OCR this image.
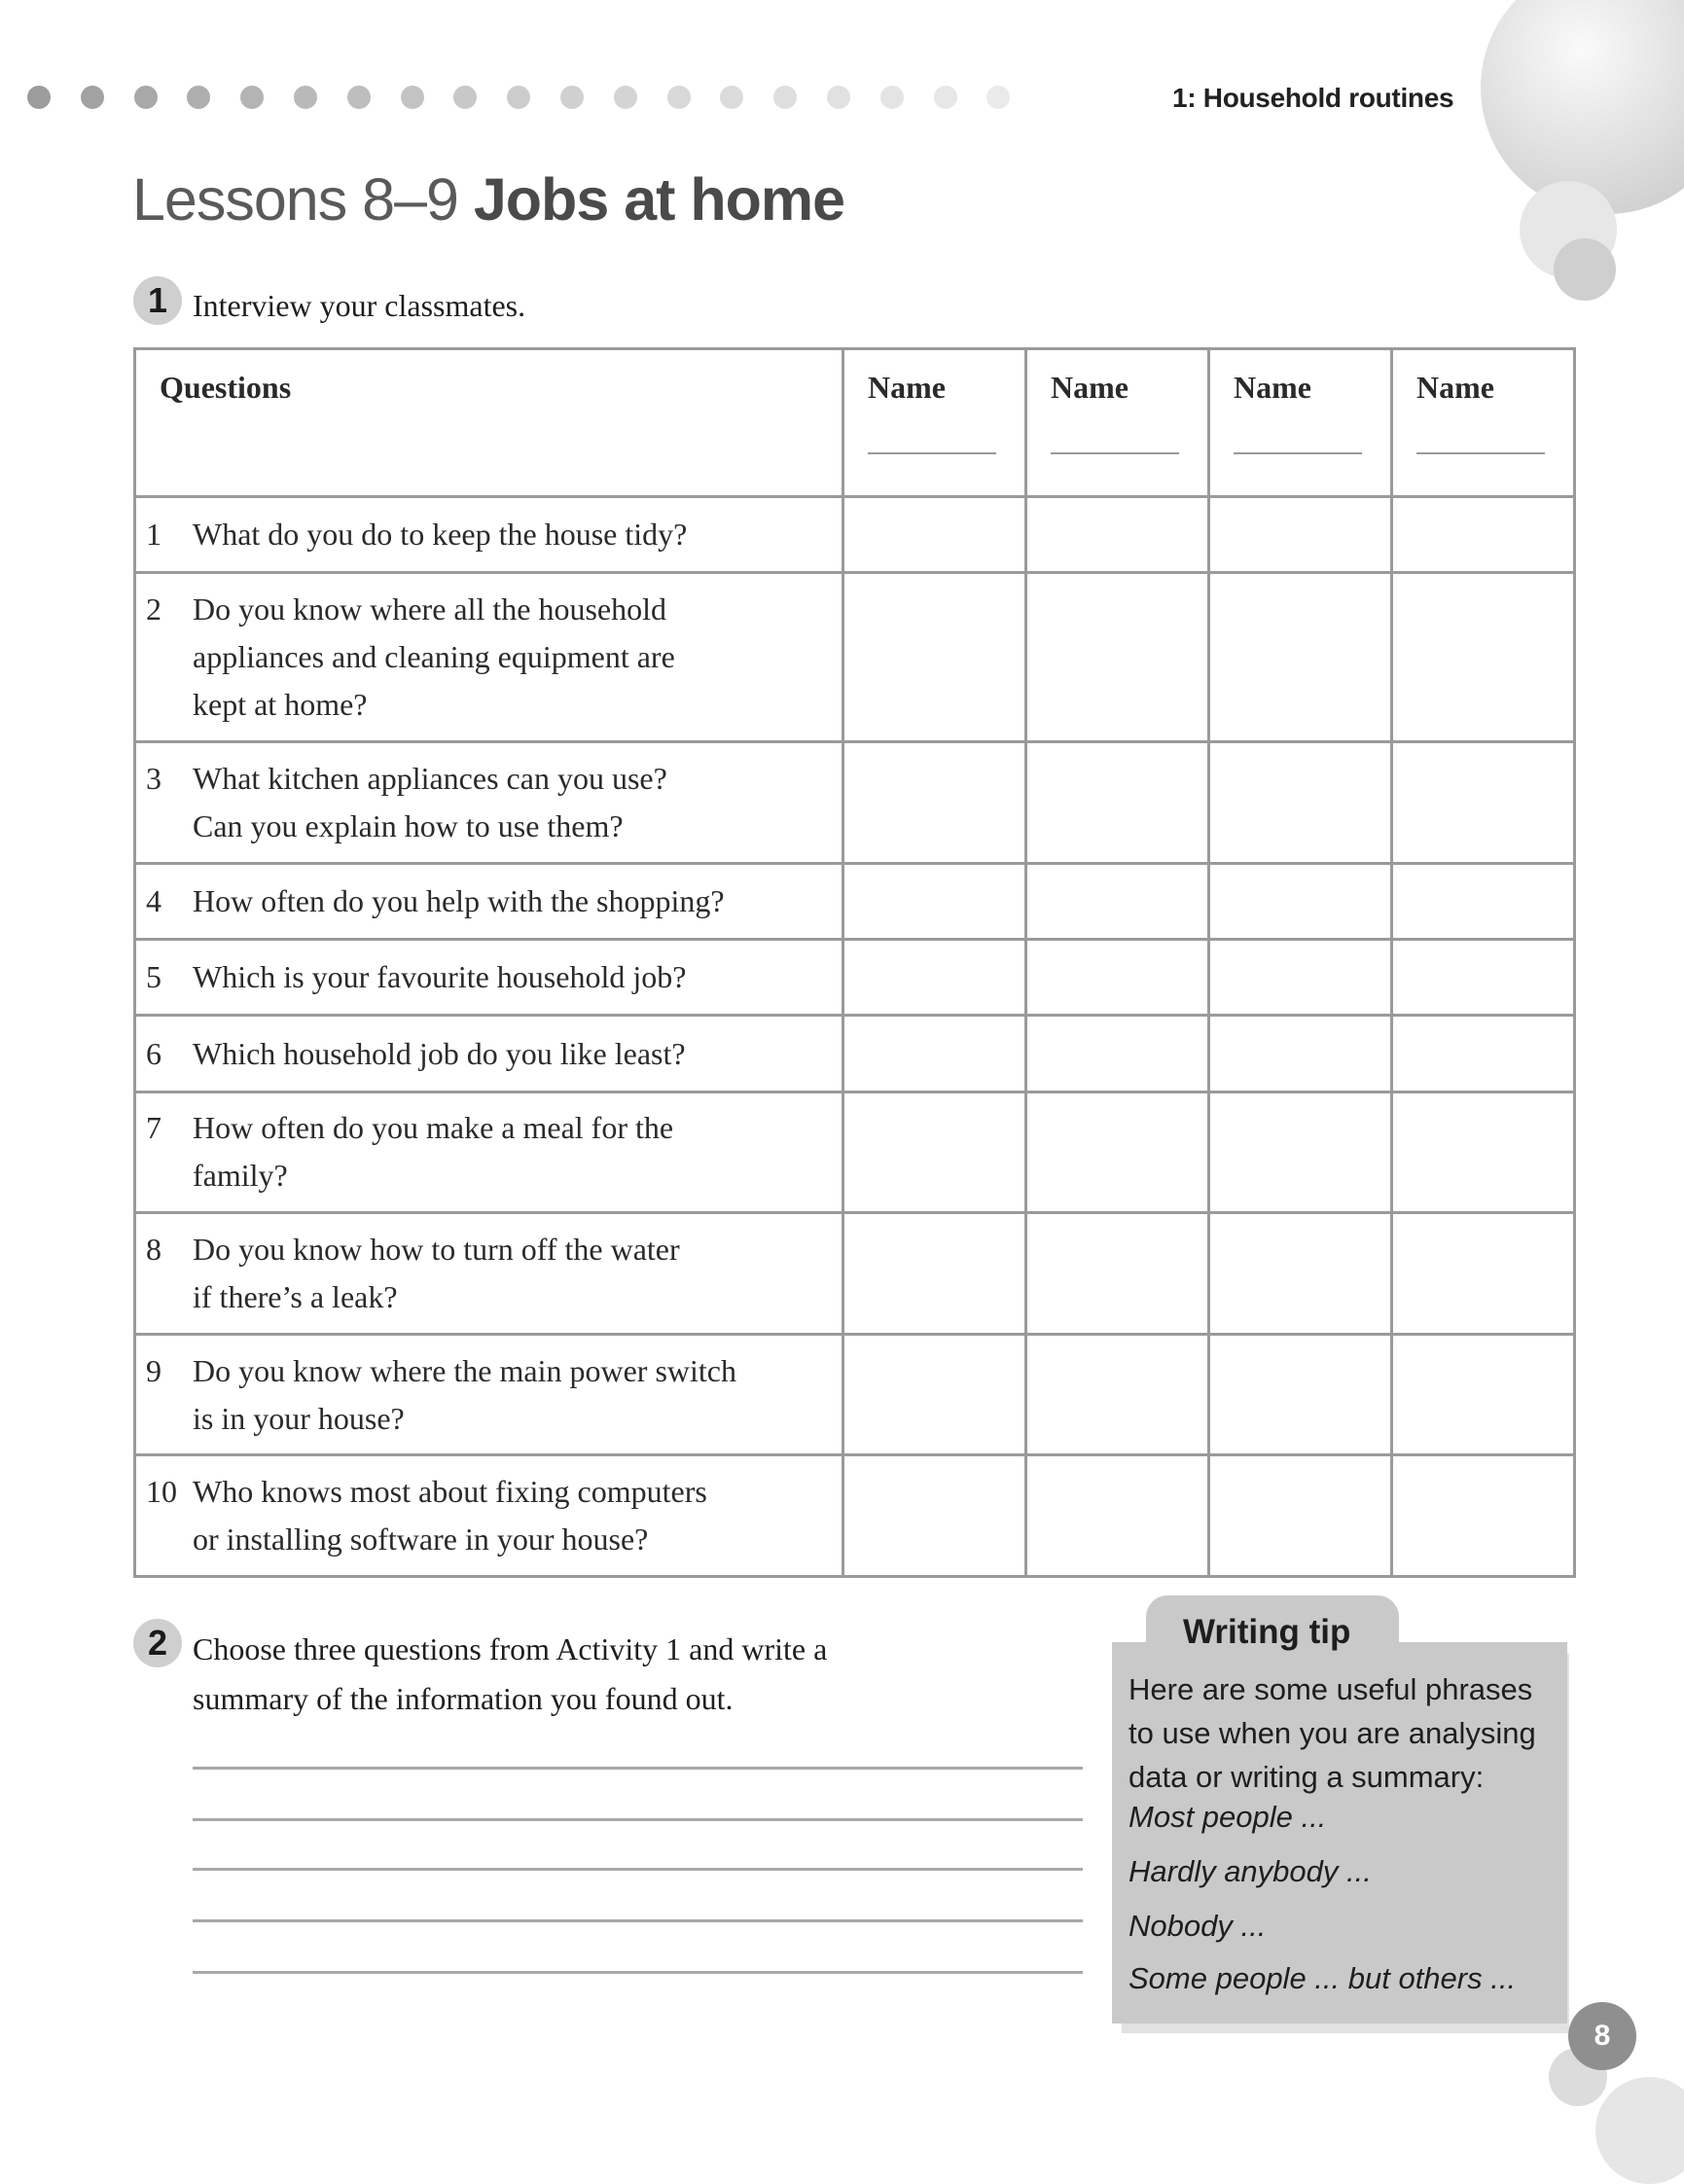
1: Household routines
Lessons 8–9 Jobs at home
1 Interview your classmates.
Questions	Name	Name	Name	Name

1 What do you do to keep the house tidy?				

2 Do you know where all the household
appliances and cleaning equipment are
kept at home?				

3 What kitchen appliances can you use?
Can you explain how to use them?				

4 How often do you help with the shopping?				

5 Which is your favourite household job?				

6 Which household job do you like least?				

7 How often do you make a meal for the
family?				

8 Do you know how to turn off the water
if there’s a leak?				

9 Do you know where the main power switch
is in your house?				

10 Who knows most about fixing computers
or installing software in your house?				

2 Choose three questions from Activity 1 and write a
summary of the information you found out.
Writing tip
Here are some useful phrases
to use when you are analysing
data or writing a summary:
Most people ...
Hardly anybody ...
Nobody ...
Some people ... but others ...
8
